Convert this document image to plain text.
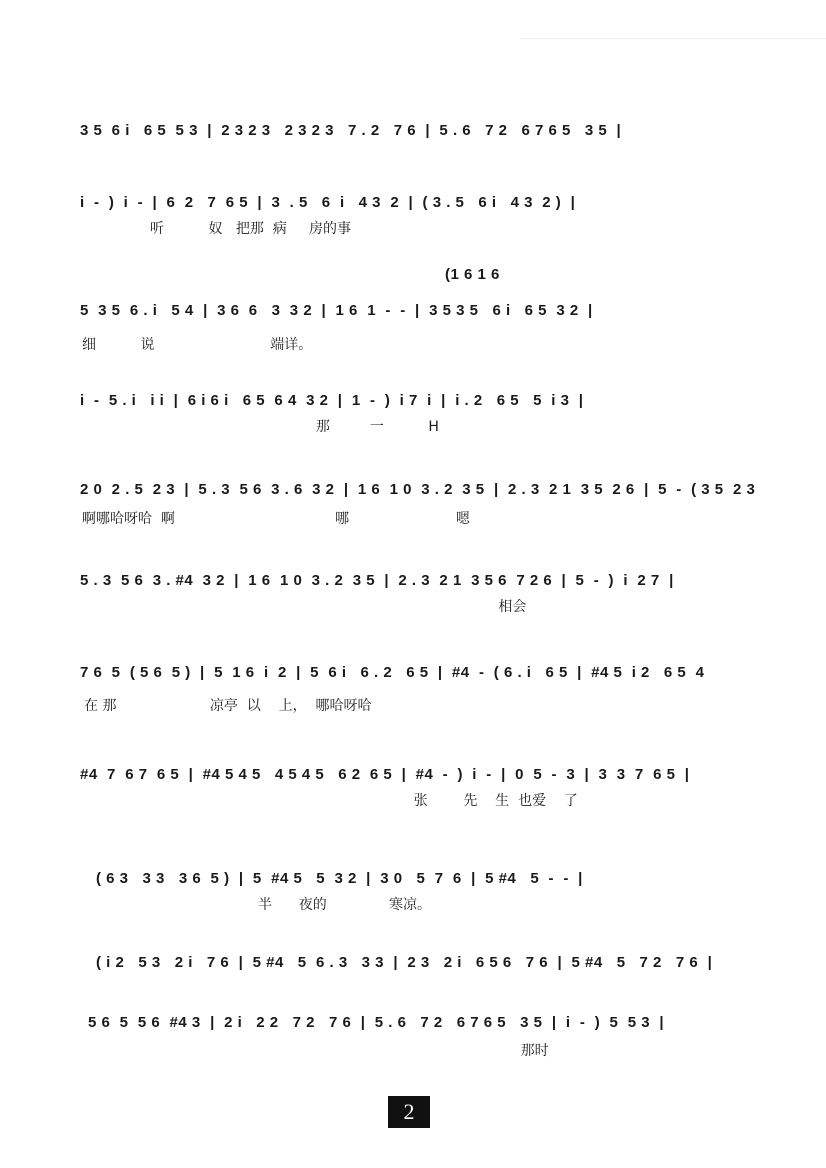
3 5  6 i   6 5  5 3  |  2 3 2 3   2 3 2 3   7 . 2   7 6  |  5 . 6   7 2   6 7 6 5   3 5  |
i  -  )  i  -  |  6  2   7  6 5  |  3  . 5   6  i   4 3  2  |  ( 3 . 5   6 i   4 3  2 )  |
听          奴   把那  病     房的事
(1 6 1 6
5  3 5  6 . i   5 4  |  3 6  6   3  3 2  |  1 6  1  -  -  |  3 5 3 5   6 i   6 5  3 2  |
细          说                          端详。
i  -  5 . i   i i  |  6 i 6 i   6 5  6 4  3 2  |  1  -  )  i 7  i  |  i . 2   6 5   5  i 3  |
那         一          H
2 0  2 . 5  2 3  |  5 . 3  5 6  3 . 6  3 2  |  1 6  1 0  3 . 2  3 5  |  2 . 3  2 1  3 5  2 6  |  5  -  ( 3 5  2 3
啊哪哈呀哈  啊                                    哪                        嗯
5 . 3  5 6  3 . #4  3 2  |  1 6  1 0  3 . 2  3 5  |  2 . 3  2 1  3 5 6  7 2 6  |  5  -  )  i  2 7  |
相会
7 6  5  ( 5 6  5 )  |  5  1 6  i  2  |  5  6 i   6 . 2   6 5  |  #4  -  ( 6 . i   6 5  |  #4 5  i 2   6 5  4
在 那                     凉亭  以    上，  哪哈呀哈
#4  7  6 7  6 5  |  #4 5 4 5   4 5 4 5   6 2  6 5  |  #4  -  )  i  -  |  0  5  -  3  |  3  3  7  6 5  |
张        先    生  也爱    了
( 6 3   3 3   3 6  5 )  |  5  #4 5   5  3 2  |  3 0   5  7  6  |  5 #4   5  -  -  |
半      夜的              寒凉。
( i 2   5 3   2 i   7 6  |  5 #4   5  6 . 3   3 3  |  2 3   2 i   6 5 6   7 6  |  5 #4   5   7 2   7 6  |
5 6  5  5 6  #4 3  |  2 i   2 2   7 2   7 6  |  5 . 6   7 2   6 7 6 5   3 5  |  i  -  )  5  5 3  |
那时
2
